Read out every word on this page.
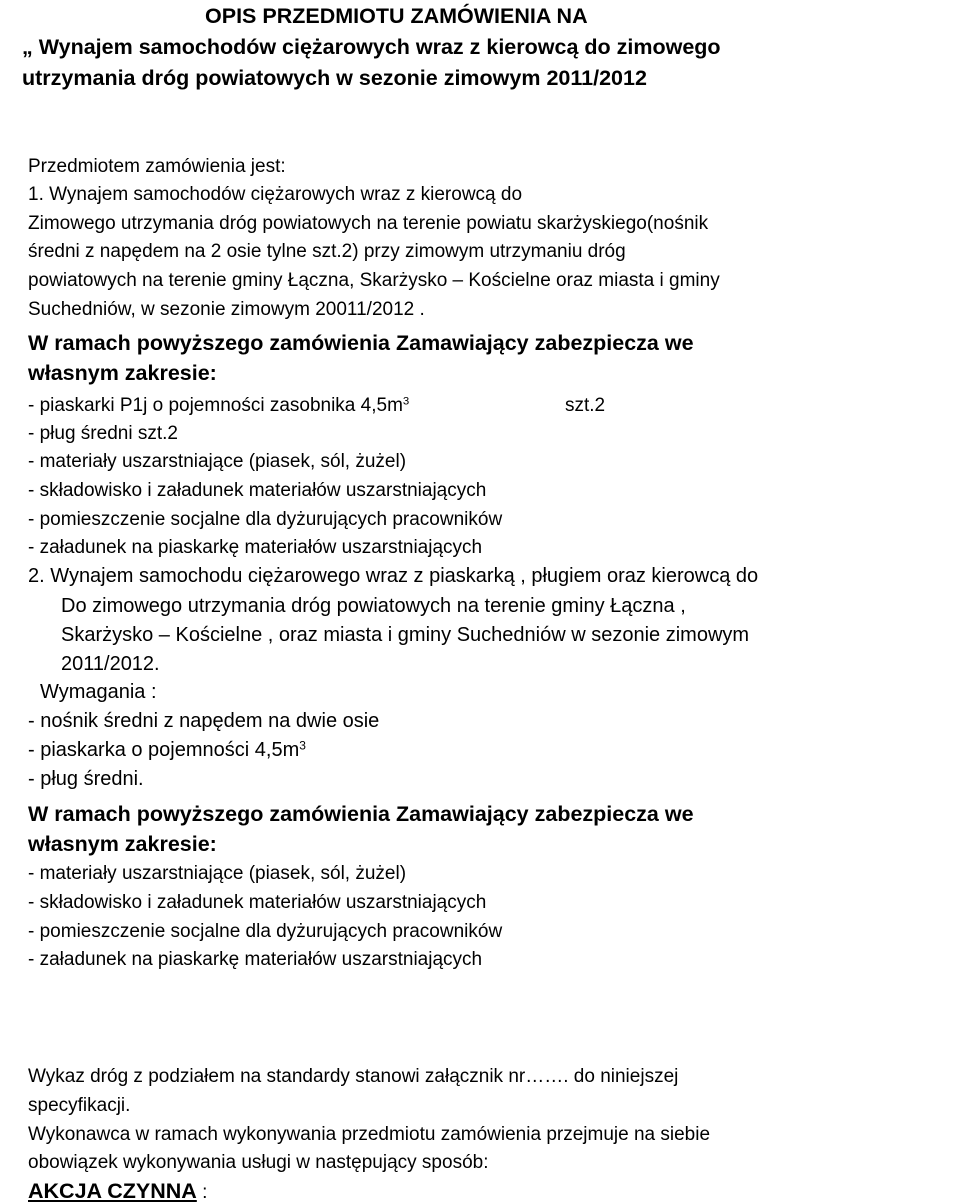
OPIS PRZEDMIOTU ZAMÓWIENIA NA

„ Wynajem samochodów ciężarowych wraz z kierowcą do zimowego

utrzymania dróg powiatowych w sezonie zimowym 2011/2012

Przedmiotem zamówienia jest:

1. Wynajem samochodów ciężarowych wraz z kierowcą do

Zimowego utrzymania dróg powiatowych na terenie powiatu skarżyskiego(nośnik

średni z napędem na 2 osie tylne szt.2) przy zimowym utrzymaniu dróg

powiatowych na terenie gminy Łączna, Skarżysko – Kościelne oraz miasta i gminy

Suchedniów, w sezonie zimowym 20011/2012 .

W ramach powyższego zamówienia Zamawiający zabezpiecza we

własnym zakresie:

- piaskarki P1j o pojemności zasobnika $4,5m^3$	szt.2

- pług średni szt.2

- materiały uszarstniające (piasek, sól, żużel)

- składowisko i załadunek materiałów uszarstniających

- pomieszczenie socjalne dla dyżurujących pracowników

- załadunek na piaskarkę materiałów uszarstniających

2. Wynajem samochodu ciężarowego wraz z piaskarką , pługiem oraz kierowcą do

Do zimowego utrzymania dróg powiatowych na terenie gminy Łączna ,

Skarżysko – Kościelne , oraz miasta i gminy Suchedniów w sezonie zimowym

2011/2012.

Wymagania :

- nośnik średni z napędem na dwie osie

- piaskarka o pojemności $4,5m^3$

- pług średni.

W ramach powyższego zamówienia Zamawiający zabezpiecza we

własnym zakresie:

- materiały uszarstniające (piasek, sól, żużel)

- składowisko i załadunek materiałów uszarstniających

- pomieszczenie socjalne dla dyżurujących pracowników

- załadunek na piaskarkę materiałów uszarstniających

Wykaz dróg z podziałem na standardy stanowi załącznik nr……. do niniejszej

specyfikacji.

Wykonawca w ramach wykonywania przedmiotu zamówienia przejmuje na siebie

obowiązek wykonywania usługi w następujący sposób:

AKCJA CZYNNA :
